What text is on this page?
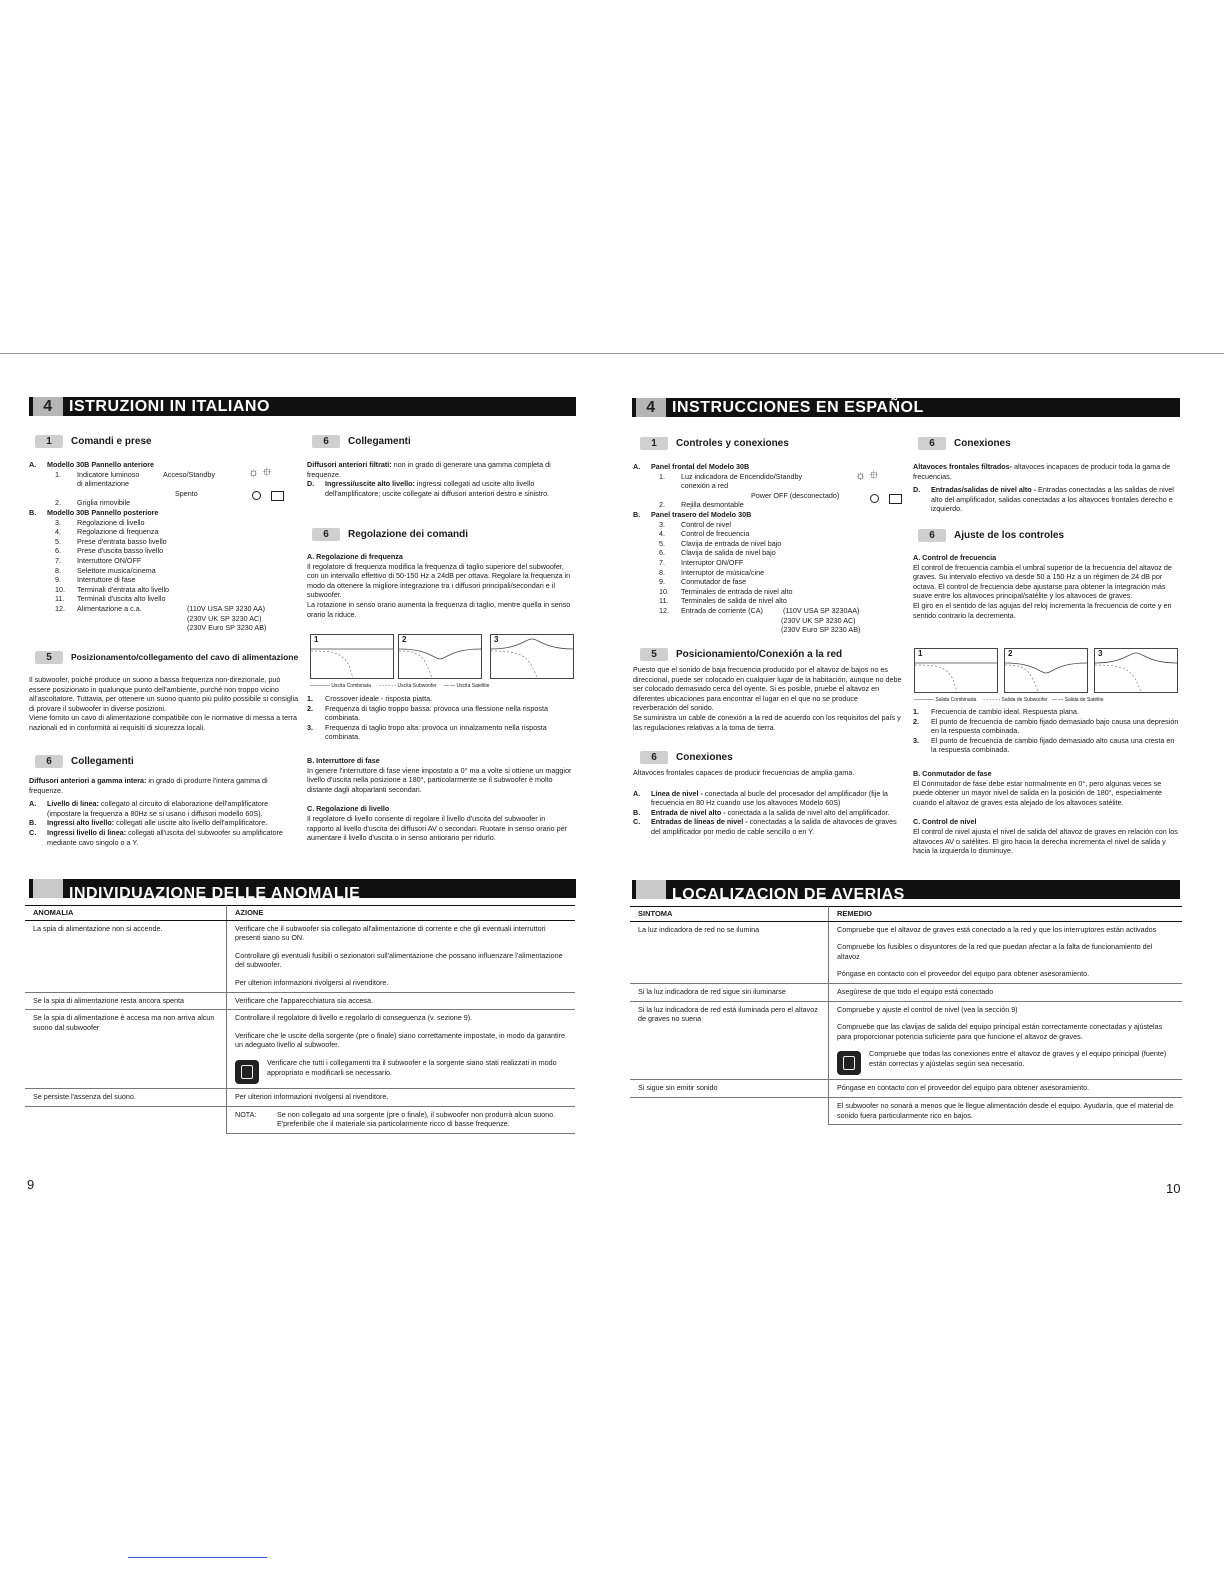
4 ISTRUZIONI IN ITALIANO
1 Comandi e prese
A.	Modello 30B Pannello anteriore
1.	Indicatore luminoso	Acceso/Standby
di alimentazione
Spento
2.	Griglia rimovibile
B.	Modello 30B Pannello posteriore
3.	Regolazione di livello
4.	Regolazione di frequenza
5.	Prese d'entrata basso livello
6.	Prese d'uscita basso livello
7.	Interruttore ON/OFF
8.	Selettore musica/cinema
9.	Interruttore di fase
10.	Terminali d'entrata alto livello
11.	Terminali d'uscita alto livello
12.	Alimentazione a c.a.	(110V USA SP 3230 AA)
(230V UK SP 3230 AC)
(230V Euro SP 3230 AB)
☼ ⯐
5 Posizionamento/collegamento del cavo di alimentazione

Il subwoofer, poiché produce un suono a bassa frequenza non-direzionale, può essere posizionato in qualunque punto dell'ambiente, purché non troppo vicino all'ascoltatore. Tuttavia, per ottenere un suono quanto più pulito possibile si consiglia di provare il subwoofer in diverse posizioni.

Viene fornito un cavo di alimentazione compatibile con le normative di messa a terra nazionali ed in conformità ai requisiti di sicurezza locali.

6 Collegamenti

Diffusori anteriori a gamma intera: in grado di produrre l'intera gamma di frequenze.

A.	Livello di linea: collegato al circuito di elaborazione dell'amplificatore (impostare la frequenza a 80Hz se si usano i diffusori modello 60S).
B.	Ingressi alto livello: collegati alle uscite alto livello dell'amplificatore.
C.	Ingressi livello di linea: collegati all'uscita del subwoofer su amplificatore mediante cavo singolo o a Y.
6 Collegamenti

Diffusori anteriori filtrati: non in grado di generare una gamma completa di frequenze.

D.	Ingressi/uscite alto livello: ingressi collegati ad uscite alto livello dell'amplificatore; uscite collegate ai diffusori anteriori destro e sinistro.
6 Regolazione dei comandi
A. Regolazione di frequenza

Il regolatore di frequenza modifica la frequenza di taglio superiore del subwoofer, con un intervallo effettivo di 50-150 Hz a 24dB per ottava. Regolare la frequenza in modo da ottenere la migliore integrazione tra i diffusori principali/secondari e il subwoofer.

La rotazione in senso orario aumenta la frequenza di taglio, mentre quella in senso orario la riduce.

1	2	3
———— Uscita Combinata      - - - - - - Uscita Subwoofer     — — Uscita Satellite
1.	Crossover ideale - risposta piatta.
2.	Frequenza di taglio troppo bassa: provoca una flessione nella risposta combinata.
3.	Frequenza di taglio tropo alta: provoca un innalzamento nella risposta combinata.
B. Interruttore di fase

In genere l'interruttore di fase viene impostato a 0° ma a volte si ottiene un maggior livello d'uscita nella posizione a 180°, particolarmente se il subwoofer è molto distante dagli altoparlanti secondari.

C. Regolazione di livello

Il regolatore di livello consente di regolare il livello d'uscita del subwoofer in rapporto al livello d'uscita dei diffusori AV o secondari. Ruotare in senso orario per aumentare il livello d'uscita o in senso antiorario per ridurlo.

INDIVIDUAZIONE DELLE ANOMALIE
ANOMALIA	AZIONE
La spia di alimentazione non si accende.	Verificare che il subwoofer sia collegato all'alimentazione di corrente e che gli eventuali interruttori presenti siano su ON.

Controllare gli eventuali fusibili o sezionatori sull'alimentazione che possano influenzare l'alimentazione del subwoofer.

Per ulteriori informazioni rivolgersi al rivenditore.

Se la spia di alimentazione resta ancora spenta	Verificare che l'apparecchiatura sia accesa.
Se la spia di alimentazione è accesa ma non arriva alcun suono dal subwoofer	Controllare il regolatore di livello e regolarlo di conseguenza (v. sezione 9).

Verificare che le uscite della sorgente (pre o finale) siano correttamente impostate, in modo da garantire un adeguato livello al subwoofer.

Verificare che tutti i collegamenti tra il subwoofer e la sorgente siano stati realizzati in modo appropriato e modificarli se necessario.

Se persiste l'assenza del suono.	Per ulteriori informazioni rivolgersi al rivenditore.

	NOTA: Se non collegato ad una sorgente (pre o finale), il subwoofer non produrrà alcun suono. E'preferibile che il materiale sia particolarmente ricco di basse frequenze.
9
4 INSTRUCCIONES EN ESPAÑOL
1 Controles y conexiones
A.	Panel frontal del Modelo 30B
1.	Luz indicadora de Encendido/Standby
conexión a red
Power OFF (desconectado)
2.	Rejilla desmontable
B.	Panel trasero del Modelo 30B
3.	Control de nivel
4.	Control de frecuencia
5.	Clavija de entrada de nivel bajo
6.	Clavija de salida de nivel bajo
7.	Interruptor ON/OFF
8.	Interruptor de música/cine
9.	Conmutador de fase
10.	Terminales de entrada de nivel alto
11.	Terminales de salida de nivel alto
12.	Entrada de corriente (CA)	(110V USA SP 3230AA)
(230V UK SP 3230 AC)
(230V Euro SP 3230 AB)
☼ ⯐
5 Posicionamiento/Conexión a la red

Puesto que el sonido de baja frecuencia producido por el altavoz de bajos no es direccional, puede ser colocado en cualquier lugar de la habitación, aunque no debe ser colocado demasiado cerca del oyente. Si es posible, pruebe el altavoz en diferentes ubicaciones para encontrar el lugar en el que no se produce reverberación del sonido.

Se suministra un cable de conexión a la red de acuerdo con los requisitos del país y las regulaciones relativas a la toma de tierra.

6 Conexiones

Altavoces frontales capaces de producir frecuencias de amplia gama.

A.	Línea de nivel - conectada al bucle del procesador del amplificador (fije la frecuencia en 80 Hz cuando use los altavoces Modelo 60S)
B.	Entrada de nivel alto - conectada a la salida de nivel alto del amplificador.
C.	Entradas de líneas de nivel - conectadas a la salida de altavoces de graves del amplificador por medio de cable sencillo o en Y.
6 Conexiones

Altavoces frontales filtrados- altavoces incapaces de producir toda la gama de frecuencias.

D.	Entradas/salidas de nivel alto - Entradas conectadas a las salidas de nivel alto del amplificador, salidas conectadas a los altavoces frontales derecho e izquierdo.
6 Ajuste de los controles
A. Control de frecuencia

El control de frecuencia cambia el umbral superior de la frecuencia del altavoz de graves. Su intervalo efectivo va desde 50 a 150 Hz a un régimen de 24 dB por octava. El control de frecuencia debe ajustarse para obtener la integración más suave entre los altavoces principal/satélite y los altavoces de graves.

El giro en el sentido de las agujas del reloj incrementa la frecuencia de corte y en sentido contrario la decrementa.

1	2	3
———— Salida Combinada     - - - - - - Salida de Subwoofer   — — Salida de Satélite
1.	Frecuencia de cambio ideal. Respuesta plana.
2.	El punto de frecuencia de cambio fijado demasiado bajo causa una depresión en la respuesta combinada.
3.	El punto de frecuencia de cambio fijado demasiado alto causa una cresta en la respuesta combinada.
B. Conmutador de fase

El Conmutador de fase debe estar normalmente en 0°, pero algunas veces se puede obtener un mayor nivel de salida en la posición de 180°, especialmente cuando el altavoz de graves esta alejado de los altavoces satélite.

C. Control de nivel

El control de nivel ajusta el nivel de salida del altavoz de graves en relación con los altavoces AV o satélites. El giro hacia la derecha incrementa el nivel de salida y hacia la izquierda lo disminuye.

LOCALIZACION DE AVERIAS
SINTOMA	REMEDIO
La luz indicadora de red no se ilumina	Compruebe que el altavoz de graves está conectado a la red y que los interruptores están activados

Compruebe los fusibles o disyuntores de la red que puedan afectar a la falta de funcionamiento del altavoz

Póngase en contacto con el proveedor del equipo para obtener asesoramiento.

Si la luz indicadora de red sigue sin iluminarse	Asegúrese de que todo el equipo está conectado
Si la luz indicadora de red está iluminada pero el altavoz de graves no suena	Compruebe y ajuste el control de nivel (vea la sección 9)

Compruebe que las clavijas de salida del equipo principal están correctamente conectadas y ajústelas para proporcionar potencia suficiente para que funcione el altavoz de graves.

Compruebe que todas las conexiones entre el altavoz de graves y el equipo principal (fuente) están correctas y ajústelas según sea necesario.

Si sigue sin emitir sonido	Póngase en contacto con el proveedor del equipo para obtener asesoramiento.
	El subwoofer no sonará a menos que le llegue alimentación desde el equipo. Ayudaría, que el material de sonido fuera particularmente rico en bajos.
10
